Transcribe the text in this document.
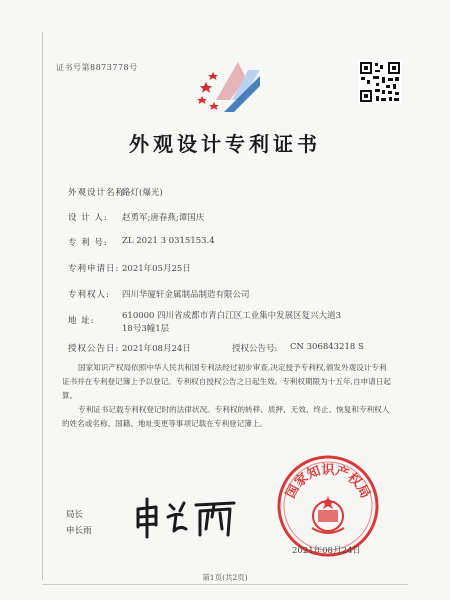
证书号第8873778号
外观设计专利证书
外观设计名称:
路灯(爆光)
设 计 人: 赵勇军;唐春燕;谭国庆
专 利 号: ZL 2021 3 0315153.4
专利申请日: 2021年05月25日
专利权人: 四川华厦轩金属制品制造有限公司
地 址:	610000 四川省成都市青白江区工业集中发展区复兴大道3
18号3幢1层
授权公告日: 2021年08月24日	授权公告号: CN 306843218 S
国家知识产权局依照中华人民共和国专利法经过初步审查,决定授予专利权,颁发外观设计专利证书并在专利登记簿上予以登记。专利权自授权公告之日起生效。专利权期限为十五年,自申请日起算。
专利证书记载专利权登记时的法律状况。专利权的转移、质押、无效、终止、恢复和专利权人的姓名或名称、国籍、地址变更等事项记载在专利登记簿上。
局长
申长雨
国家知识产权局
2021年08月24日
第1页(共2页)
